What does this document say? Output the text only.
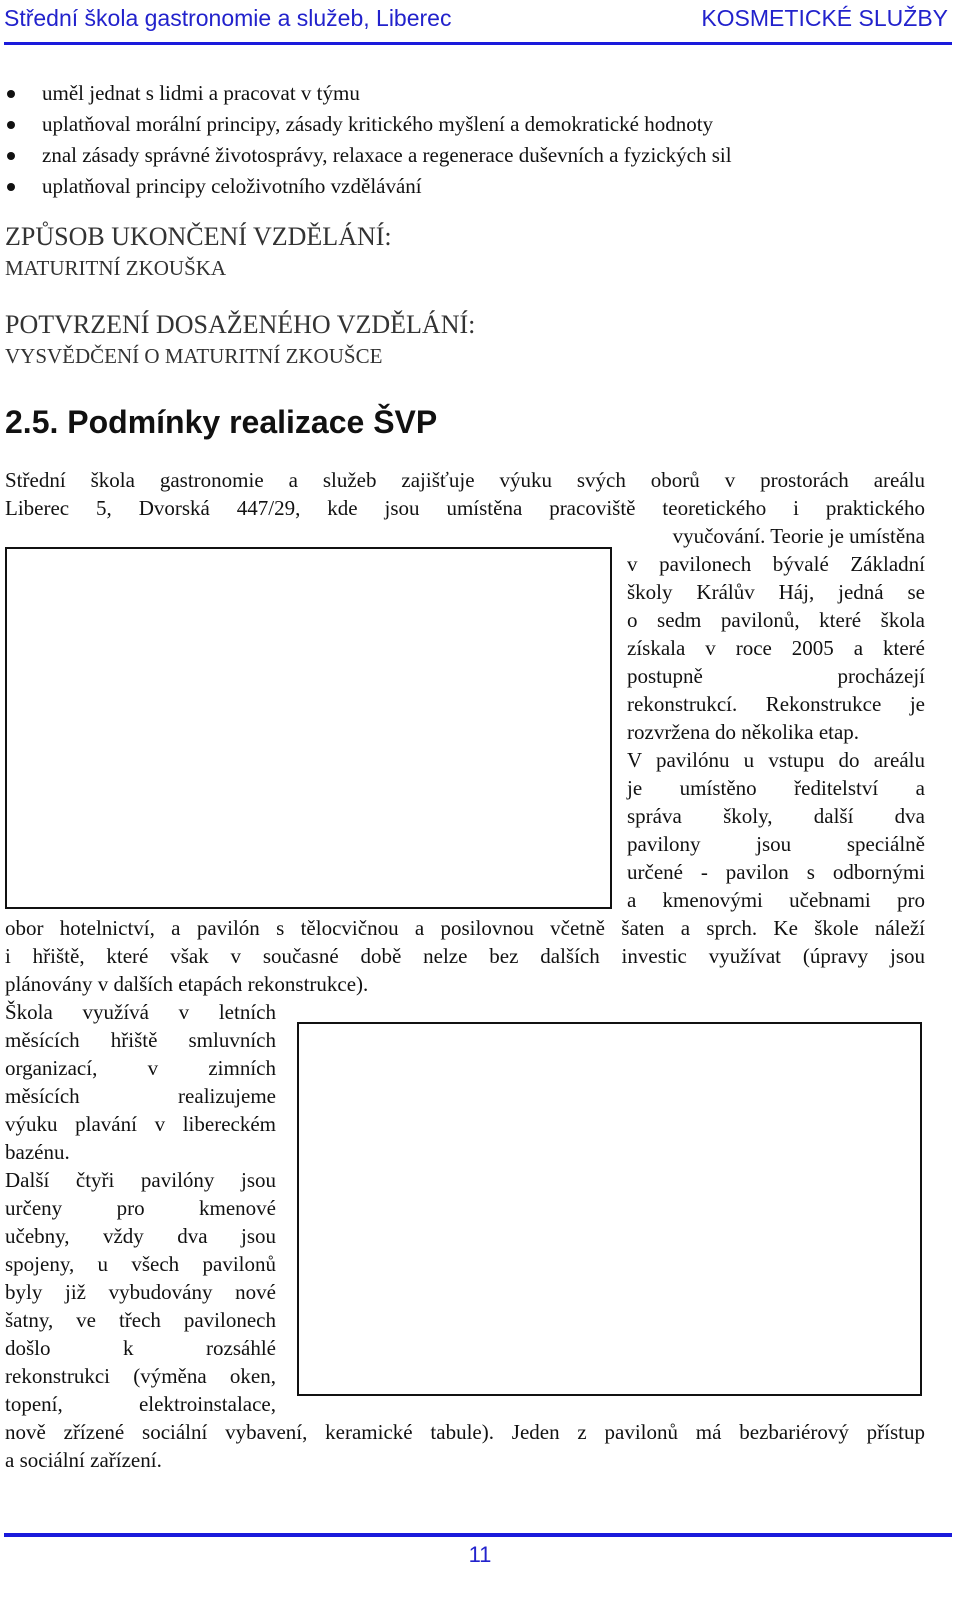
Střední škola gastronomie a služeb, Liberec	KOSMETICKÉ SLUŽBY
uměl jednat s lidmi a pracovat v týmu
uplatňoval morální principy, zásady kritického myšlení a demokratické hodnoty
znal zásady správné životosprávy, relaxace a regenerace duševních a fyzických sil
uplatňoval principy celoživotního vzdělávání
ZPŮSOB UKONČENÍ VZDĚLÁNÍ:
MATURITNÍ ZKOUŠKA
POTVRZENÍ DOSAŽENÉHO VZDĚLÁNÍ:
VYSVĚDČENÍ O MATURITNÍ ZKOUŠCE
2.5. Podmínky realizace ŠVP
Střední škola gastronomie a služeb zajišťuje výuku svých oborů v prostorách areálu
Liberec 5, Dvorská 447/29, kde jsou umístěna pracoviště teoretického i praktického
vyučování. Teorie je umístěna
v pavilonech bývalé Základní
školy Králův Háj, jedná se
o sedm pavilonů, které škola
získala v roce 2005 a které
postupně procházejí
rekonstrukcí. Rekonstrukce je
rozvržena do několika etap.
V pavilónu u vstupu do areálu
je umístěno ředitelství a
správa školy, další dva
pavilony jsou speciálně
určené - pavilon s odbornými
a kmenovými učebnami pro
obor hotelnictví, a pavilón s tělocvičnou a posilovnou včetně šaten a sprch. Ke škole náleží
i hřiště, které však v současné době nelze bez dalších investic využívat (úpravy jsou
plánovány v dalších etapách rekonstrukce).
Škola využívá v letních
měsících hřiště smluvních
organizací, v zimních
měsících realizujeme
výuku plavání v libereckém
bazénu.
Další čtyři pavilóny jsou
určeny pro kmenové
učebny, vždy dva jsou
spojeny, u všech pavilonů
byly již vybudovány nové
šatny, ve třech pavilonech
došlo k rozsáhlé
rekonstrukci (výměna oken,
topení, elektroinstalace,
nově zřízené sociální vybavení, keramické tabule). Jeden z pavilonů má bezbariérový přístup
a sociální zařízení.
11
